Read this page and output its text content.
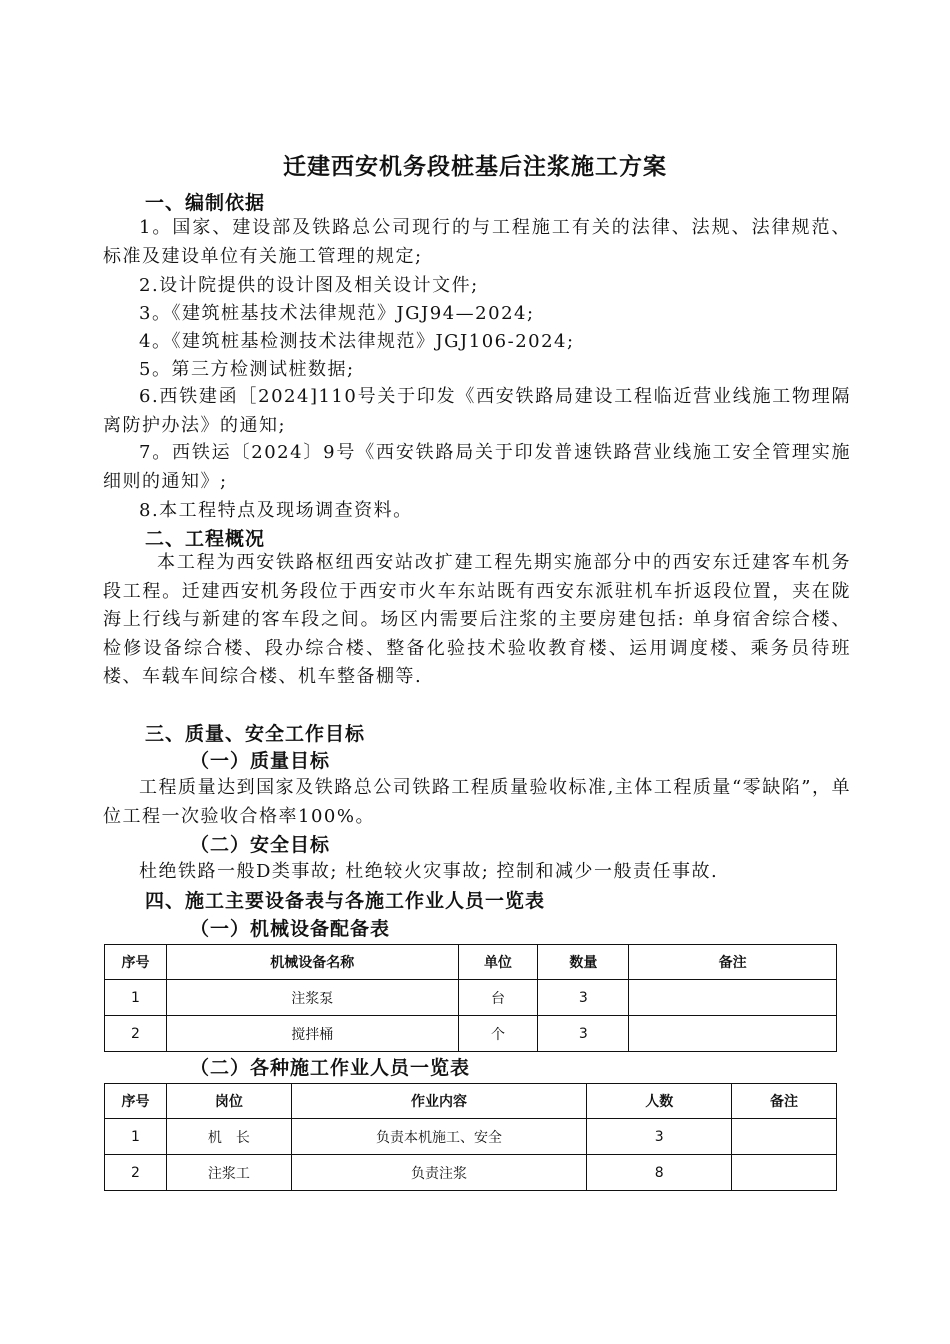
迁建西安机务段桩基后注浆施工方案
一、编制依据
1。国家、建设部及铁路总公司现行的与工程施工有关的法律、法规、法律规范、标准及建设单位有关施工管理的规定;
2.设计院提供的设计图及相关设计文件;
3。《建筑桩基技术法律规范》JGJ94—2024;
4。《建筑桩基检测技术法律规范》JGJ106-2024;
5。第三方检测试桩数据;
6.西铁建函［2024]110号关于印发《西安铁路局建设工程临近营业线施工物理隔离防护办法》的通知;
7。西铁运〔2024〕9号《西安铁路局关于印发普速铁路营业线施工安全管理实施细则的通知》;
8.本工程特点及现场调查资料。
二、工程概况
本工程为西安铁路枢纽西安站改扩建工程先期实施部分中的西安东迁建客车机务段工程。迁建西安机务段位于西安市火车东站既有西安东派驻机车折返段位置，夹在陇海上行线与新建的客车段之间。场区内需要后注浆的主要房建包括: 单身宿舍综合楼、检修设备综合楼、段办综合楼、整备化验技术验收教育楼、运用调度楼、乘务员待班楼、车载车间综合楼、机车整备棚等.
三、质量、安全工作目标
（一）质量目标
工程质量达到国家及铁路总公司铁路工程质量验收标准,主体工程质量“零缺陷”，单位工程一次验收合格率100%。
（二）安全目标
杜绝铁路一般D类事故; 杜绝较火灾事故; 控制和减少一般责任事故.
四、施工主要设备表与各施工作业人员一览表
（一）机械设备配备表
序号	机械设备名称	单位	数量	备注
1	注浆泵	台	3	
2	搅拌桶	个	3	
（二）各种施工作业人员一览表
序号	岗位	作业内容	人数	备注
1	机　长	负责本机施工、安全	3	
2	注浆工	负责注浆	8	
